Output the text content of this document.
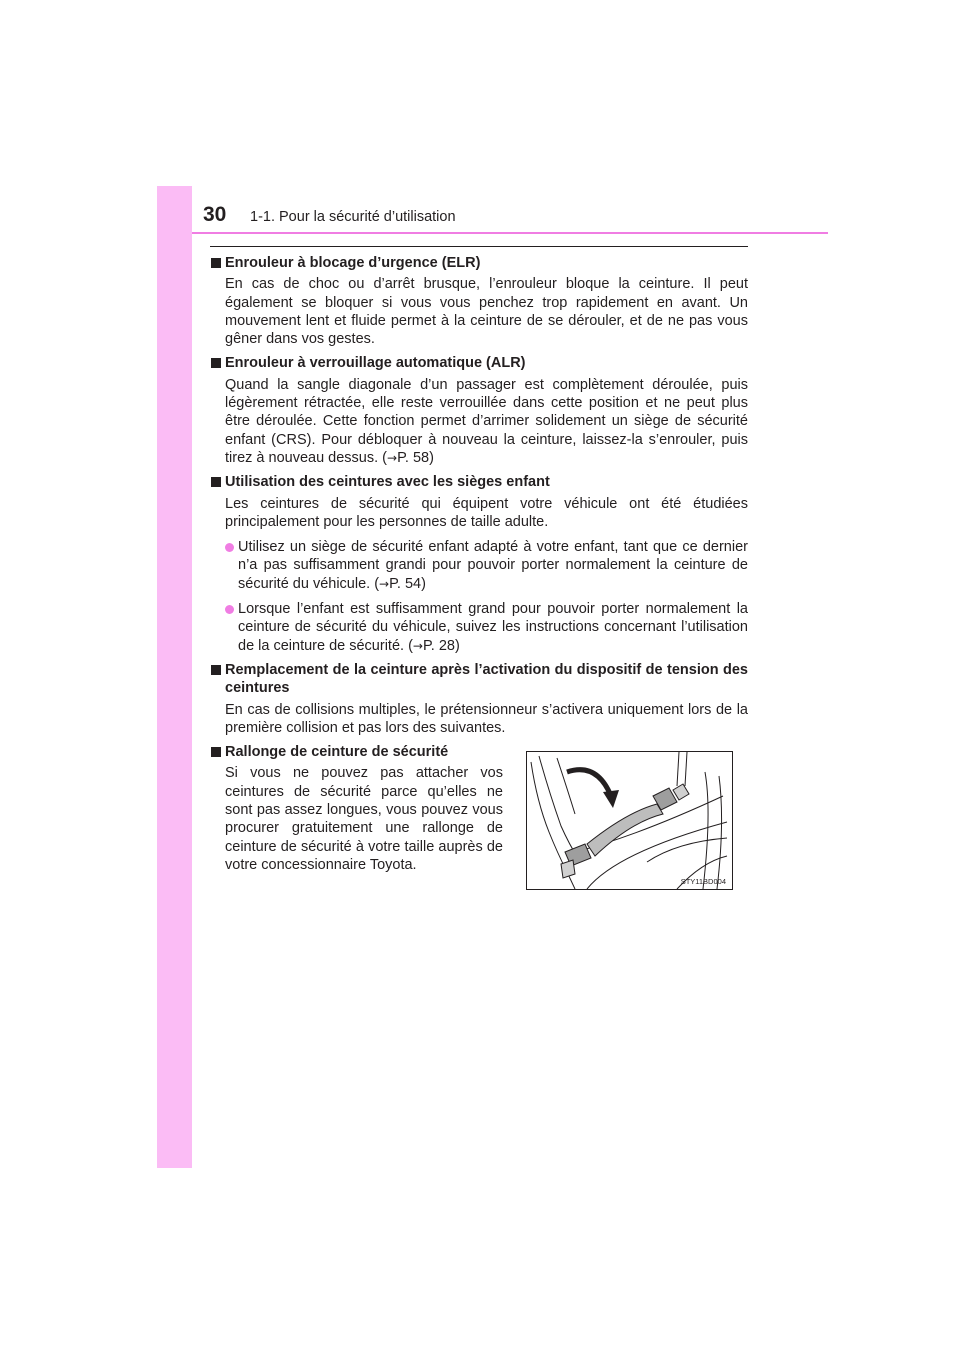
30 1-1. Pour la sécurité d’utilisation
Enrouleur à blocage d’urgence (ELR)
En cas de choc ou d’arrêt brusque, l’enrouleur bloque la ceinture. Il peut également se bloquer si vous vous penchez trop rapidement en avant. Un mouvement lent et fluide permet à la ceinture de se dérouler, et de ne pas vous gêner dans vos gestes.
Enrouleur à verrouillage automatique (ALR)
Quand la sangle diagonale d’un passager est complètement déroulée, puis légèrement rétractée, elle reste verrouillée dans cette position et ne peut plus être déroulée. Cette fonction permet d’arrimer solidement un siège de sécurité enfant (CRS). Pour débloquer à nouveau la ceinture, laissez-la s’enrouler, puis tirez à nouveau dessus. (→P. 58)
Utilisation des ceintures avec les sièges enfant
Les ceintures de sécurité qui équipent votre véhicule ont été étudiées principalement pour les personnes de taille adulte.
Utilisez un siège de sécurité enfant adapté à votre enfant, tant que ce dernier n’a pas suffisamment grandi pour pouvoir porter normalement la ceinture de sécurité du véhicule. (→P. 54)
Lorsque l’enfant est suffisamment grand pour pouvoir porter normalement la ceinture de sécurité du véhicule, suivez les instructions concernant l’utilisation de la ceinture de sécurité. (→P. 28)
Remplacement de la ceinture après l’activation du dispositif de tension des ceintures
En cas de collisions multiples, le prétensionneur s’activera uniquement lors de la première collision et pas lors des suivantes.
Rallonge de ceinture de sécurité
Si vous ne pouvez pas attacher vos ceintures de sécurité parce qu’elles ne sont pas assez longues, vous pouvez vous procurer gratuitement une rallonge de ceinture de sécurité à votre taille auprès de votre concessionnaire Toyota.
STY11BD004
